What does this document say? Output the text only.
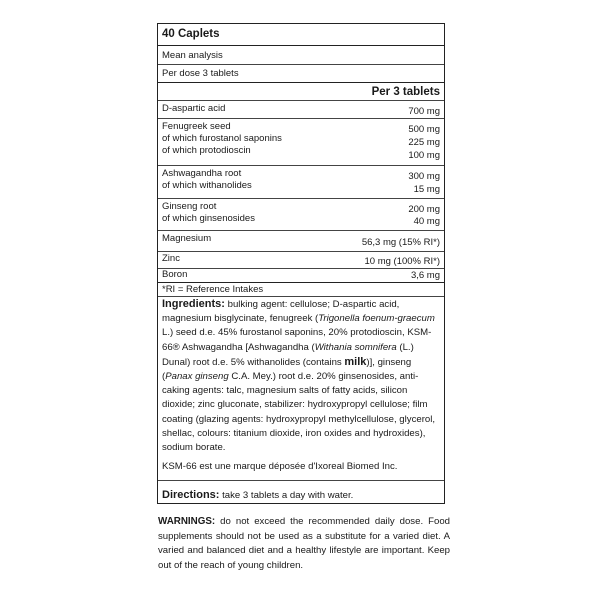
40 Caplets
Mean analysis
Per dose 3 tablets
Per 3 tablets
D-aspartic acid	700 mg
Fenugreek seed	500 mg
of which furostanol saponins	225 mg
of which protodioscin	100 mg
Ashwagandha root	300 mg
of which withanolides	15 mg
Ginseng root	200 mg
of which ginsenosides	40 mg
Magnesium	56,3 mg (15% RI*)
Zinc	10 mg (100% RI*)
Boron	3,6 mg
*RI = Reference Intakes
Ingredients: bulking agent: cellulose; D-aspartic acid, magnesium bisglycinate, fenugreek (Trigonella foenum-graecum L.) seed d.e. 45% furostanol saponins, 20% protodioscin, KSM-66® Ashwagandha [Ashwagandha (Withania somnifera (L.) Dunal) root d.e. 5% withanolides (contains milk)], ginseng (Panax ginseng C.A. Mey.) root d.e. 20% ginsenosides, anti-caking agents: talc, magnesium salts of fatty acids, silicon dioxide; zinc gluconate, stabilizer: hydroxypropyl cellulose; film coating (glazing agents: hydroxypropyl methylcellulose, glycerol, shellac, colours: titanium dioxide, iron oxides and hydroxides), sodium borate.
KSM-66 est une marque déposée d'Ixoreal Biomed Inc.
Directions: take 3 tablets a day with water.
WARNINGS: do not exceed the recommended daily dose. Food supplements should not be used as a substitute for a varied diet. A varied and balanced diet and a healthy lifestyle are important. Keep out of the reach of young children.
